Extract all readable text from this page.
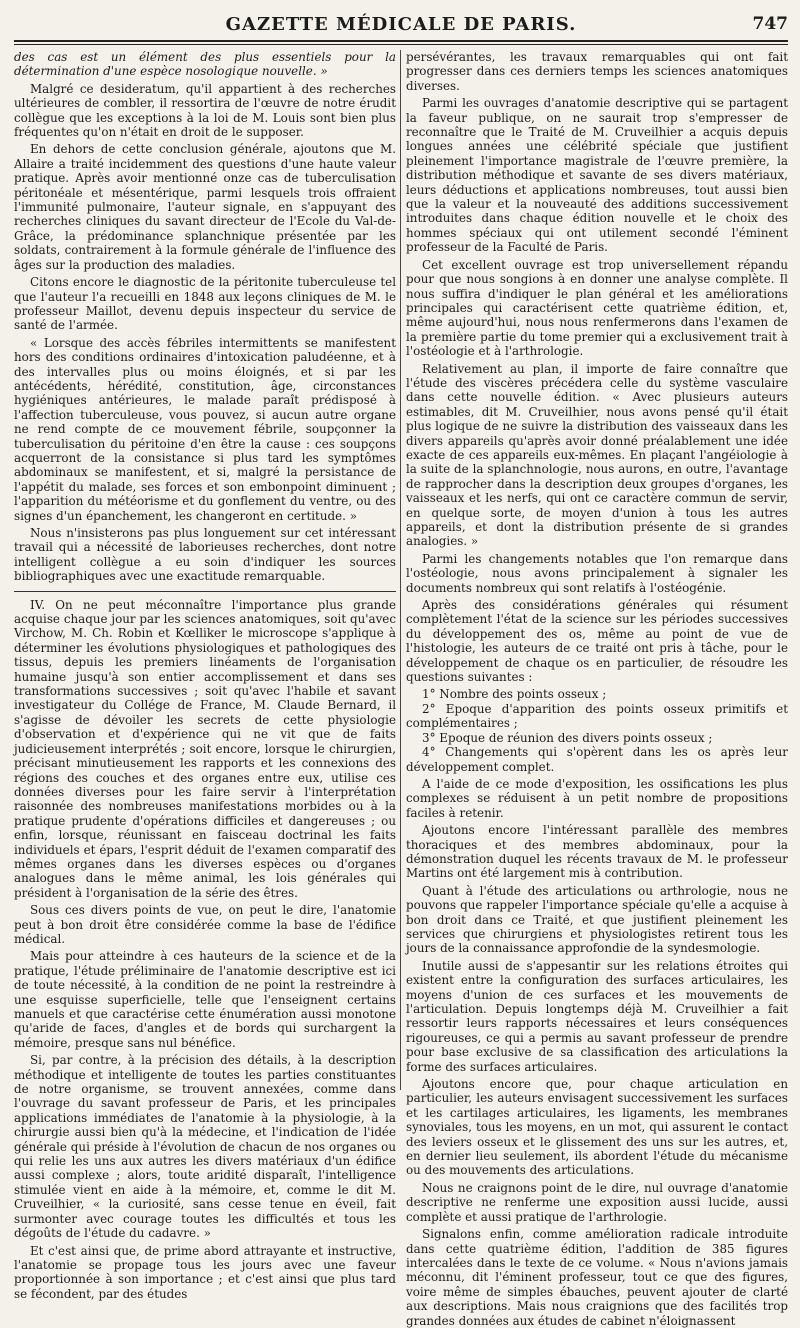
GAZETTE MÉDICALE DE PARIS.	747

des cas est un élément des plus essentiels pour la détermination d'une espèce nosologique nouvelle. »

Malgré ce desideratum, qu'il appartient à des recherches ultérieures de combler, il ressortira de l'œuvre de notre érudit collègue que les exceptions à la loi de M. Louis sont bien plus fréquentes qu'on n'était en droit de le supposer.

En dehors de cette conclusion générale, ajoutons que M. Allaire a traité incidemment des questions d'une haute valeur pratique. Après avoir mentionné onze cas de tuberculisation péritonéale et mésentérique, parmi lesquels trois offraient l'immunité pulmonaire, l'auteur signale, en s'appuyant des recherches cliniques du savant directeur de l'Ecole du Val-de-Grâce, la prédominance splanchnique présentée par les soldats, contrairement à la formule générale de l'influence des âges sur la production des maladies.

Citons encore le diagnostic de la péritonite tuberculeuse tel que l'auteur l'a recueilli en 1848 aux leçons cliniques de M. le professeur Maillot, devenu depuis inspecteur du service de santé de l'armée.

« Lorsque des accès fébriles intermittents se manifestent hors des conditions ordinaires d'intoxication paludéenne, et à des intervalles plus ou moins éloignés, et si par les antécédents, hérédité, constitution, âge, circonstances hygiéniques antérieures, le malade paraît prédisposé à l'affection tuberculeuse, vous pouvez, si aucun autre organe ne rend compte de ce mouvement fébrile, soupçonner la tuberculisation du péritoine d'en être la cause : ces soupçons acquerront de la consistance si plus tard les symptômes abdominaux se manifestent, et si, malgré la persistance de l'appétit du malade, ses forces et son embonpoint diminuent ; l'apparition du météorisme et du gonflement du ventre, ou des signes d'un épanchement, les changeront en certitude. »

Nous n'insisterons pas plus longuement sur cet intéressant travail qui a nécessité de laborieuses recherches, dont notre intelligent collègue a eu soin d'indiquer les sources bibliographiques avec une exactitude remarquable.

IV. On ne peut méconnaître l'importance plus grande acquise chaque jour par les sciences anatomiques, soit qu'avec Virchow, M. Ch. Robin et Kœlliker le microscope s'applique à déterminer les évolutions physiologiques et pathologiques des tissus, depuis les premiers linéaments de l'organisation humaine jusqu'à son entier accomplissement et dans ses transformations successives ; soit qu'avec l'habile et savant investigateur du Collége de France, M. Claude Bernard, il s'agisse de dévoiler les secrets de cette physiologie d'observation et d'expérience qui ne vit que de faits judicieusement interprétés ; soit encore, lorsque le chirurgien, précisant minutieusement les rapports et les connexions des régions des couches et des organes entre eux, utilise ces données diverses pour les faire servir à l'interprétation raisonnée des nombreuses manifestations morbides ou à la pratique prudente d'opérations difficiles et dangereuses ; ou enfin, lorsque, réunissant en faisceau doctrinal les faits individuels et épars, l'esprit déduit de l'examen comparatif des mêmes organes dans les diverses espèces ou d'organes analogues dans le même animal, les lois générales qui président à l'organisation de la série des êtres.

Sous ces divers points de vue, on peut le dire, l'anatomie peut à bon droit être considérée comme la base de l'édifice médical.

Mais pour atteindre à ces hauteurs de la science et de la pratique, l'étude préliminaire de l'anatomie descriptive est ici de toute nécessité, à la condition de ne point la restreindre à une esquisse superficielle, telle que l'enseignent certains manuels et que caractérise cette énumération aussi monotone qu'aride de faces, d'angles et de bords qui surchargent la mémoire, presque sans nul bénéfice.

Si, par contre, à la précision des détails, à la description méthodique et intelligente de toutes les parties constituantes de notre organisme, se trouvent annexées, comme dans l'ouvrage du savant professeur de Paris, et les principales applications immédiates de l'anatomie à la physiologie, à la chirurgie aussi bien qu'à la médecine, et l'indication de l'idée générale qui préside à l'évolution de chacun de nos organes ou qui relie les uns aux autres les divers matériaux d'un édifice aussi complexe ; alors, toute aridité disparaît, l'intelligence stimulée vient en aide à la mémoire, et, comme le dit M. Cruveilhier, « la curiosité, sans cesse tenue en éveil, fait surmonter avec courage toutes les difficultés et tous les dégoûts de l'étude du cadavre. »

Et c'est ainsi que, de prime abord attrayante et instructive, l'anatomie se propage tous les jours avec une faveur proportionnée à son importance ; et c'est ainsi que plus tard se fécondent, par des études

persévérantes, les travaux remarquables qui ont fait progresser dans ces derniers temps les sciences anatomiques diverses.

Parmi les ouvrages d'anatomie descriptive qui se partagent la faveur publique, on ne saurait trop s'empresser de reconnaître que le Traité de M. Cruveilhier a acquis depuis longues années une célébrité spéciale que justifient pleinement l'importance magistrale de l'œuvre première, la distribution méthodique et savante de ses divers matériaux, leurs déductions et applications nombreuses, tout aussi bien que la valeur et la nouveauté des additions successivement introduites dans chaque édition nouvelle et le choix des hommes spéciaux qui ont utilement secondé l'éminent professeur de la Faculté de Paris.

Cet excellent ouvrage est trop universellement répandu pour que nous songions à en donner une analyse complète. Il nous suffira d'indiquer le plan général et les améliorations principales qui caractérisent cette quatrième édition, et, même aujourd'hui, nous nous renfermerons dans l'examen de la première partie du tome premier qui a exclusivement trait à l'ostéologie et à l'arthrologie.

Relativement au plan, il importe de faire connaître que l'étude des viscères précédera celle du système vasculaire dans cette nouvelle édition. « Avec plusieurs auteurs estimables, dit M. Cruveilhier, nous avons pensé qu'il était plus logique de ne suivre la distribution des vaisseaux dans les divers appareils qu'après avoir donné préalablement une idée exacte de ces appareils eux-mêmes. En plaçant l'angéiologie à la suite de la splanchnologie, nous aurons, en outre, l'avantage de rapprocher dans la description deux groupes d'organes, les vaisseaux et les nerfs, qui ont ce caractère commun de servir, en quelque sorte, de moyen d'union à tous les autres appareils, et dont la distribution présente de si grandes analogies. »

Parmi les changements notables que l'on remarque dans l'ostéologie, nous avons principalement à signaler les documents nombreux qui sont relatifs à l'ostéogénie.

Après des considérations générales qui résument complètement l'état de la science sur les périodes successives du développement des os, même au point de vue de l'histologie, les auteurs de ce traité ont pris à tâche, pour le développement de chaque os en particulier, de résoudre les questions suivantes :

1° Nombre des points osseux ;

2° Epoque d'apparition des points osseux primitifs et complémentaires ;

3° Epoque de réunion des divers points osseux ;

4° Changements qui s'opèrent dans les os après leur développement complet.

A l'aide de ce mode d'exposition, les ossifications les plus complexes se réduisent à un petit nombre de propositions faciles à retenir.

Ajoutons encore l'intéressant parallèle des membres thoraciques et des membres abdominaux, pour la démonstration duquel les récents travaux de M. le professeur Martins ont été largement mis à contribution.

Quant à l'étude des articulations ou arthrologie, nous ne pouvons que rappeler l'importance spéciale qu'elle a acquise à bon droit dans ce Traité, et que justifient pleinement les services que chirurgiens et physiologistes retirent tous les jours de la connaissance approfondie de la syndesmologie.

Inutile aussi de s'appesantir sur les relations étroites qui existent entre la configuration des surfaces articulaires, les moyens d'union de ces surfaces et les mouvements de l'articulation. Depuis longtemps déjà M. Cruveilhier a fait ressortir leurs rapports nécessaires et leurs conséquences rigoureuses, ce qui a permis au savant professeur de prendre pour base exclusive de sa classification des articulations la forme des surfaces articulaires.

Ajoutons encore que, pour chaque articulation en particulier, les auteurs envisagent successivement les surfaces et les cartilages articulaires, les ligaments, les membranes synoviales, tous les moyens, en un mot, qui assurent le contact des leviers osseux et le glissement des uns sur les autres, et, en dernier lieu seulement, ils abordent l'étude du mécanisme ou des mouvements des articulations.

Nous ne craignons point de le dire, nul ouvrage d'anatomie descriptive ne renferme une exposition aussi lucide, aussi complète et aussi pratique de l'arthrologie.

Signalons enfin, comme amélioration radicale introduite dans cette quatrième édition, l'addition de 385 figures intercalées dans le texte de ce volume. « Nous n'avions jamais méconnu, dit l'éminent professeur, tout ce que des figures, voire même de simples ébauches, peuvent ajouter de clarté aux descriptions. Mais nous craignions que des facilités trop grandes données aux études de cabinet n'éloignassent
